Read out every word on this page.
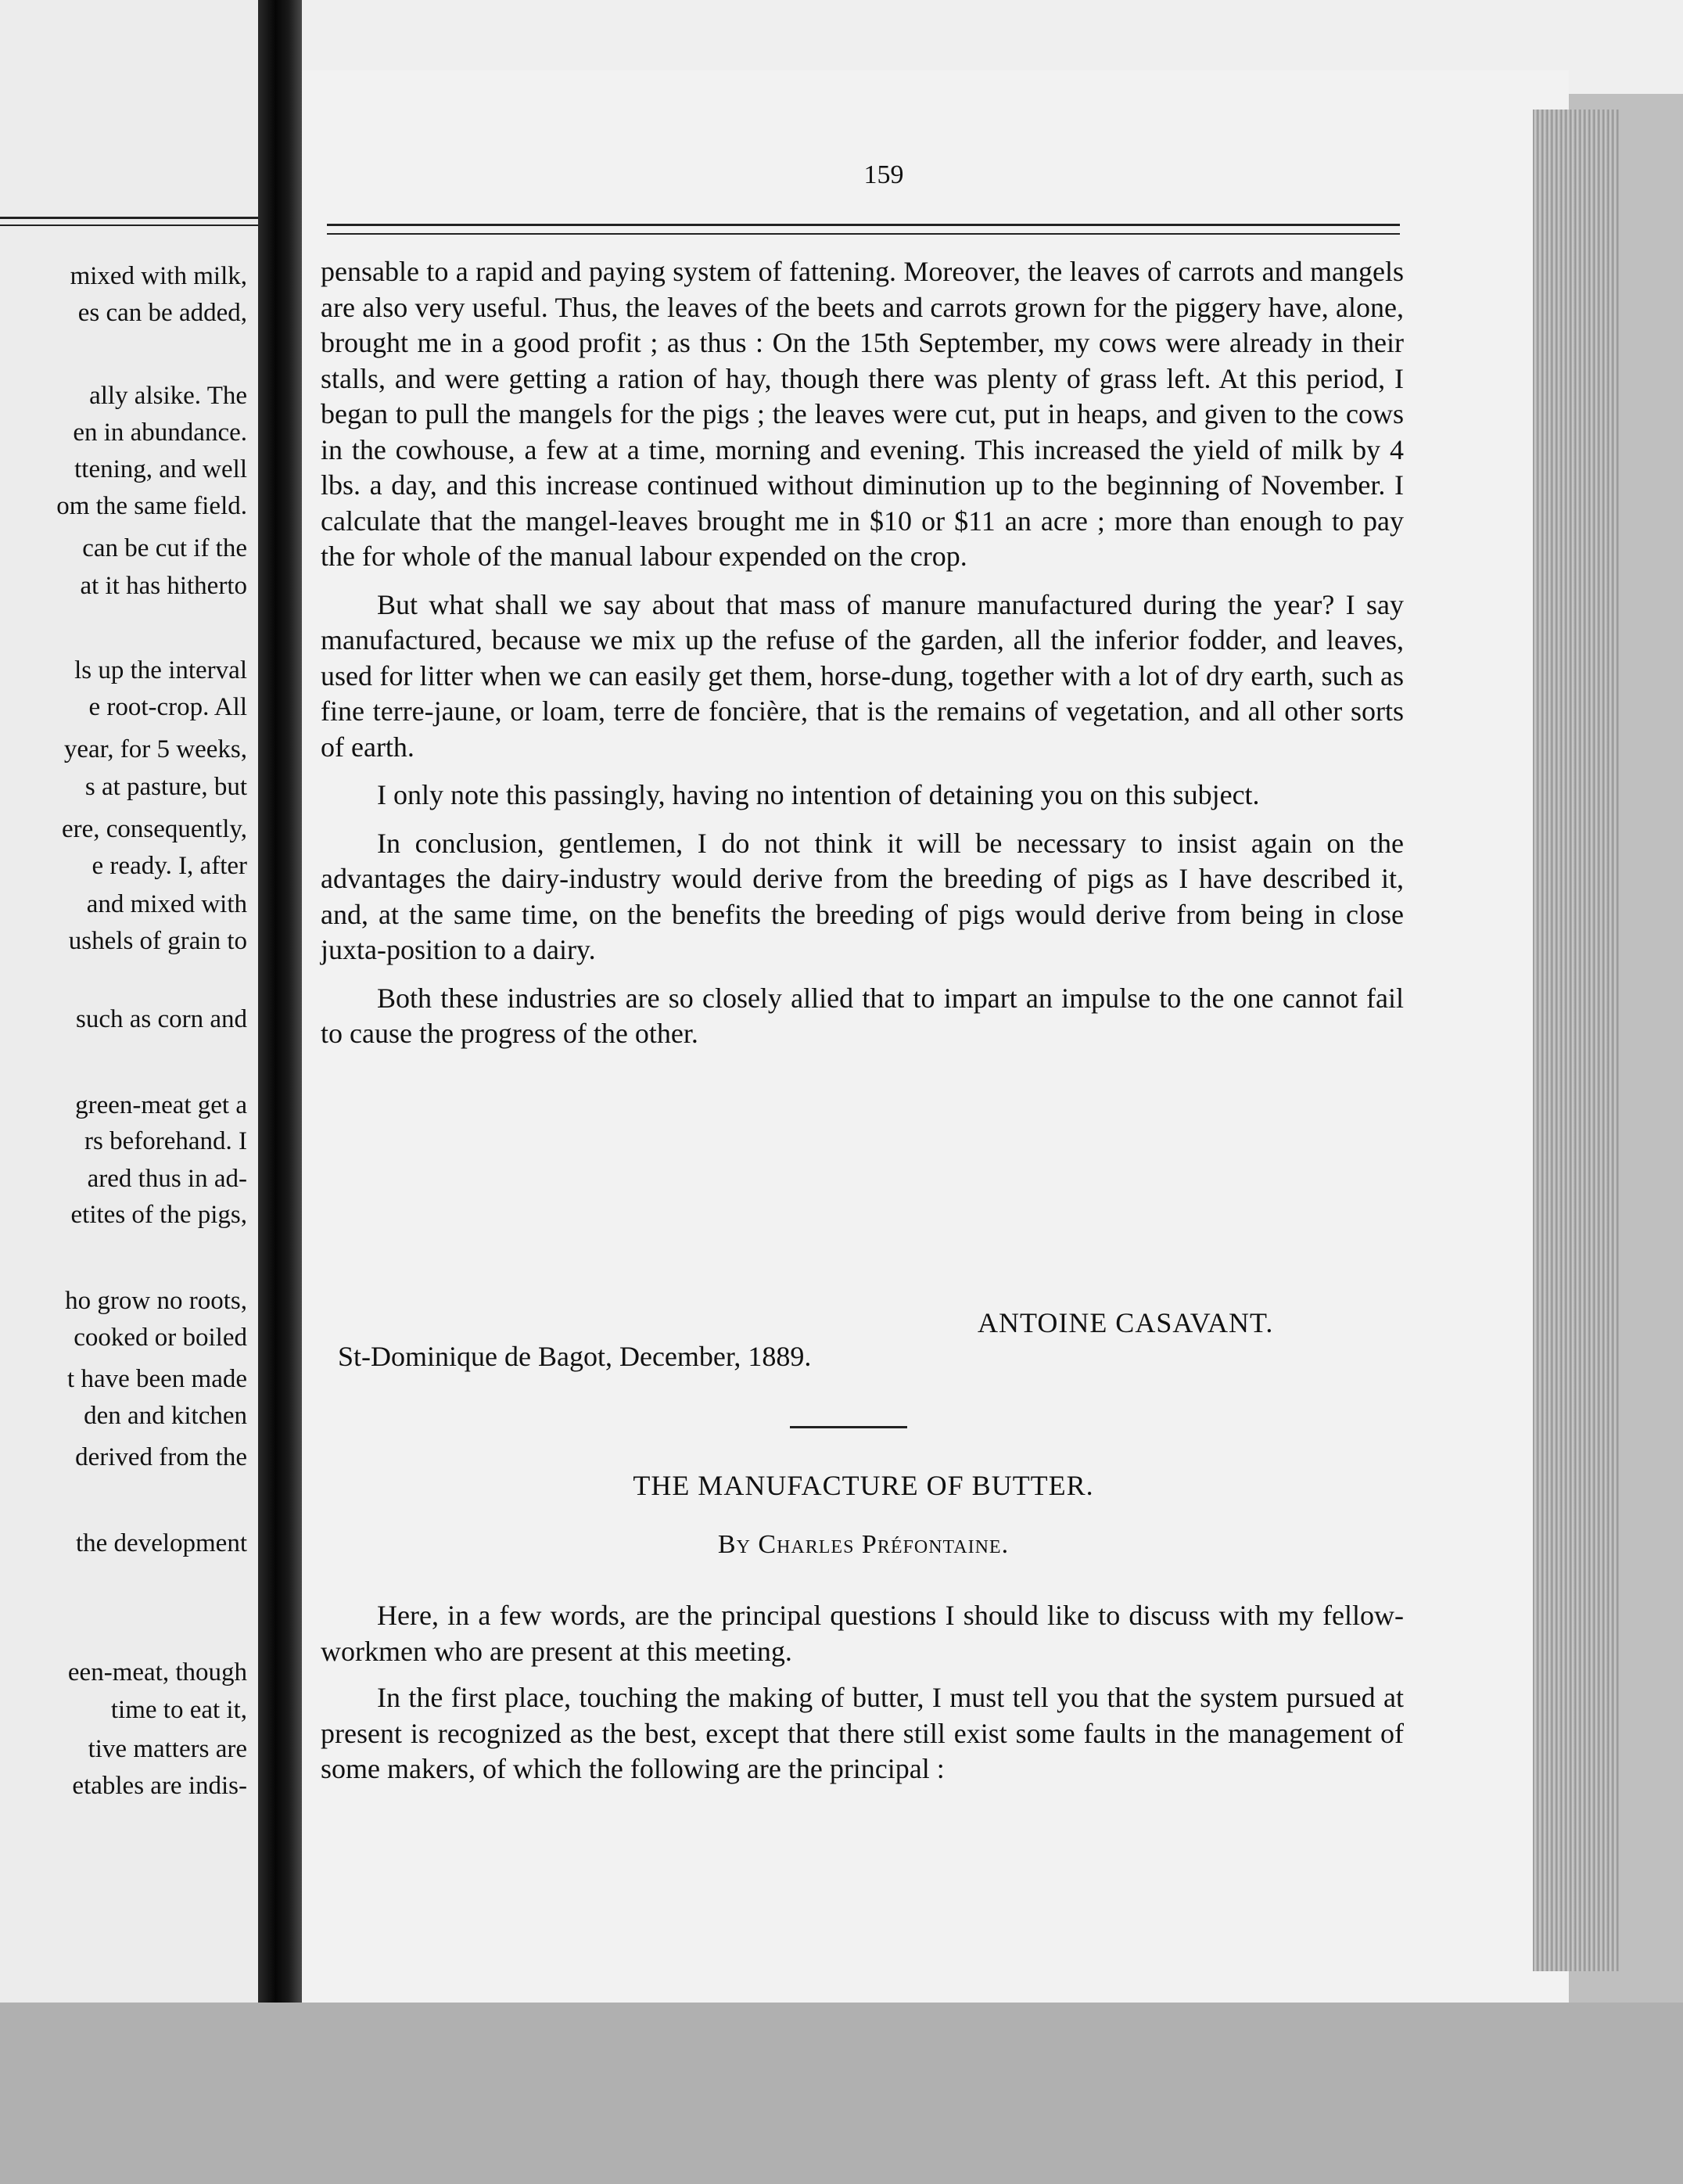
mixed with milk,
es can be added,
ally alsike. The
en in abundance.
ttening, and well
om the same field.
can be cut if the
at it has hitherto
ls up the interval
e root-crop. All
year, for 5 weeks,
s at pasture, but
ere, consequently,
e ready. I, after
and mixed with
ushels of grain to
such as corn and
green-meat get a
rs beforehand. I
ared thus in ad-
etites of the pigs,
ho grow no roots,
cooked or boiled
t have been made
den and kitchen
derived from the
the development
een-meat, though
time to eat it,
tive matters are
etables are indis-
159

pensable to a rapid and paying system of fattening. Moreover, the leaves of carrots and mangels are also very useful. Thus, the leaves of the beets and carrots grown for the piggery have, alone, brought me in a good profit ; as thus : On the 15th September, my cows were already in their stalls, and were getting a ration of hay, though there was plenty of grass left. At this period, I began to pull the mangels for the pigs ; the leaves were cut, put in heaps, and given to the cows in the cowhouse, a few at a time, morning and evening. This increased the yield of milk by 4 lbs. a day, and this increase continued without diminution up to the beginning of November. I calculate that the mangel-leaves brought me in $10 or $11 an acre ; more than enough to pay the for whole of the manual labour expended on the crop.

But what shall we say about that mass of manure manufactured during the year? I say manufactured, because we mix up the refuse of the garden, all the inferior fodder, and leaves, used for litter when we can easily get them, horse-dung, together with a lot of dry earth, such as fine terre-jaune, or loam, terre de foncière, that is the remains of vegetation, and all other sorts of earth.

I only note this passingly, having no intention of detaining you on this subject.

In conclusion, gentlemen, I do not think it will be necessary to insist again on the advantages the dairy-industry would derive from the breeding of pigs as I have described it, and, at the same time, on the benefits the breeding of pigs would derive from being in close juxta-position to a dairy.

Both these industries are so closely allied that to impart an impulse to the one cannot fail to cause the progress of the other.

ANTOINE CASAVANT.
St-Dominique de Bagot, December, 1889.
THE MANUFACTURE OF BUTTER.
By Charles Préfontaine.

Here, in a few words, are the principal questions I should like to discuss with my fellow-workmen who are present at this meeting.

In the first place, touching the making of butter, I must tell you that the system pursued at present is recognized as the best, except that there still exist some faults in the management of some makers, of which the following are the principal :
